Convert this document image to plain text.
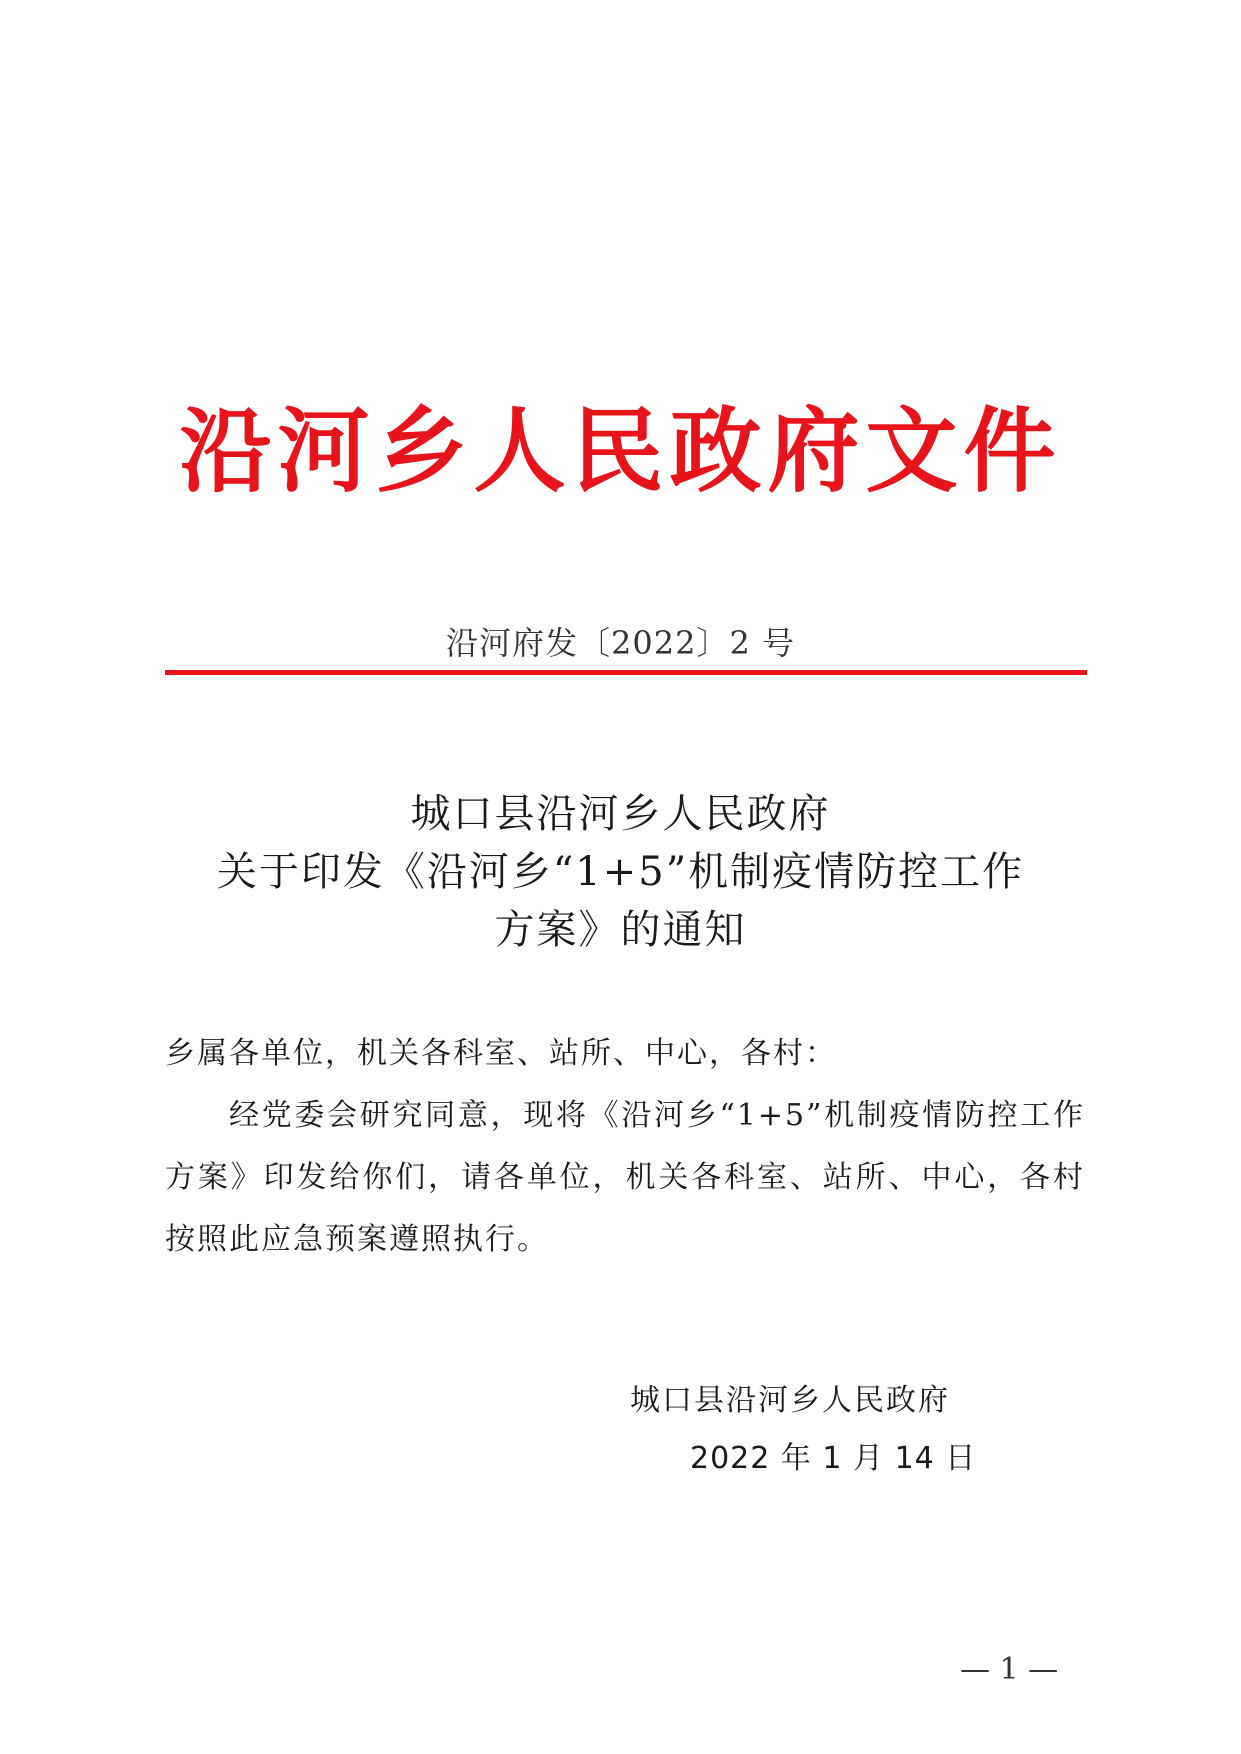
沿河乡人民政府文件
沿河府发〔2022〕2 号
城口县沿河乡人民政府
关于印发《沿河乡“1+5”机制疫情防控工作
方案》的通知
乡属各单位，机关各科室、站所、中心，各村：
经党委会研究同意，现将《沿河乡“1+5”机制疫情防控工作方案》印发给你们，请各单位，机关各科室、站所、中心，各村按照此应急预案遵照执行。
城口县沿河乡人民政府
2022 年 1 月 14 日
— 1 —
